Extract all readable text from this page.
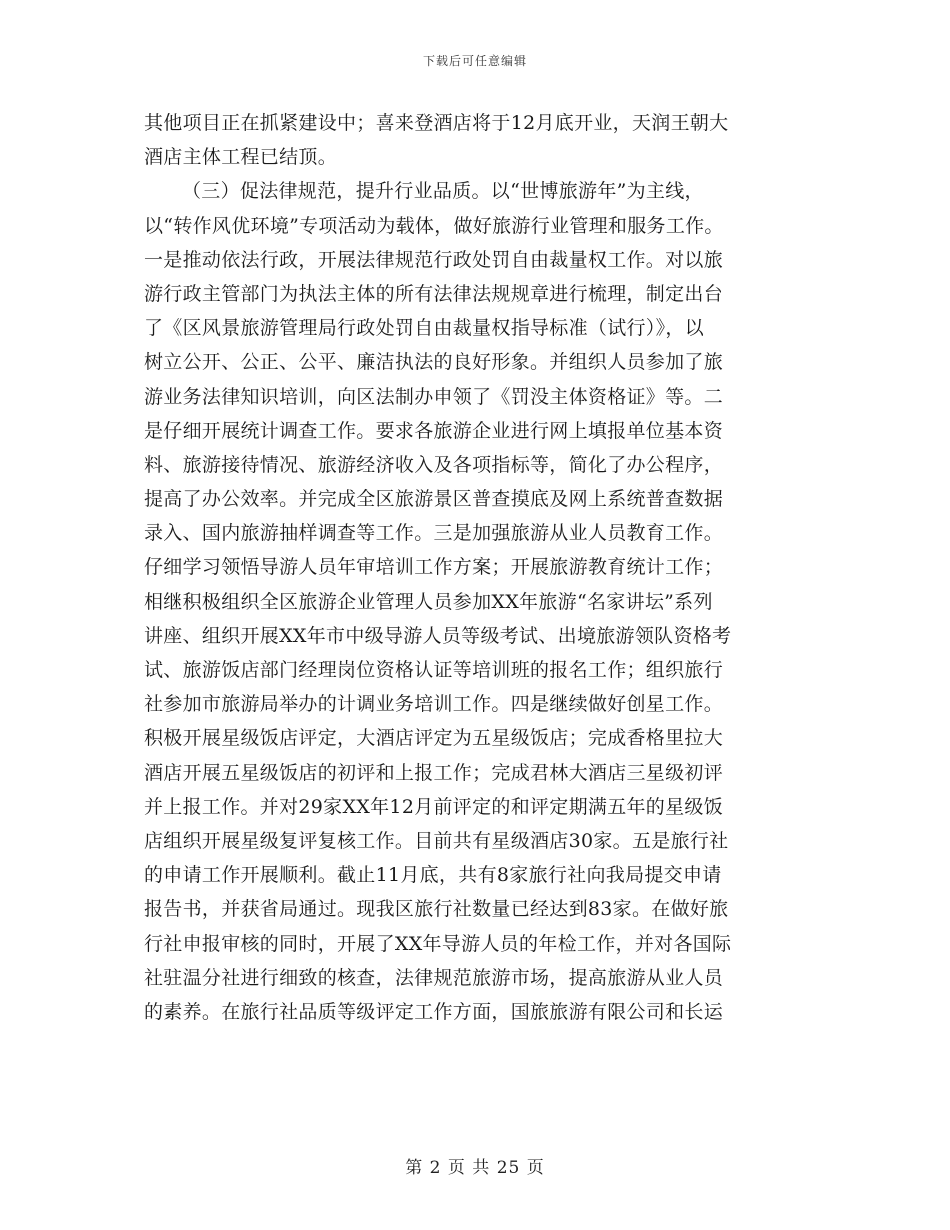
下载后可任意编辑
其他项目正在抓紧建设中；喜来登酒店将于12月底开业，天润王朝大
酒店主体工程已结顶。
（三）促法律规范，提升行业品质。以“世博旅游年”为主线，
以“转作风优环境”专项活动为载体，做好旅游行业管理和服务工作。
一是推动依法行政，开展法律规范行政处罚自由裁量权工作。对以旅
游行政主管部门为执法主体的所有法律法规规章进行梳理，制定出台
了《区风景旅游管理局行政处罚自由裁量权指导标准（试行）》，以
树立公开、公正、公平、廉洁执法的良好形象。并组织人员参加了旅
游业务法律知识培训，向区法制办申领了《罚没主体资格证》等。二
是仔细开展统计调查工作。要求各旅游企业进行网上填报单位基本资
料、旅游接待情况、旅游经济收入及各项指标等，简化了办公程序，
提高了办公效率。并完成全区旅游景区普查摸底及网上系统普查数据
录入、国内旅游抽样调查等工作。三是加强旅游从业人员教育工作。
仔细学习领悟导游人员年审培训工作方案；开展旅游教育统计工作；
相继积极组织全区旅游企业管理人员参加XX年旅游“名家讲坛”系列
讲座、组织开展XX年市中级导游人员等级考试、出境旅游领队资格考
试、旅游饭店部门经理岗位资格认证等培训班的报名工作；组织旅行
社参加市旅游局举办的计调业务培训工作。四是继续做好创星工作。
积极开展星级饭店评定，大酒店评定为五星级饭店；完成香格里拉大
酒店开展五星级饭店的初评和上报工作；完成君林大酒店三星级初评
并上报工作。并对29家XX年12月前评定的和评定期满五年的星级饭
店组织开展星级复评复核工作。目前共有星级酒店30家。五是旅行社
的申请工作开展顺利。截止11月底，共有8家旅行社向我局提交申请
报告书，并获省局通过。现我区旅行社数量已经达到83家。在做好旅
行社申报审核的同时，开展了XX年导游人员的年检工作，并对各国际
社驻温分社进行细致的核查，法律规范旅游市场，提高旅游从业人员
的素养。在旅行社品质等级评定工作方面，国旅旅游有限公司和长运
第 2 页 共 25 页
